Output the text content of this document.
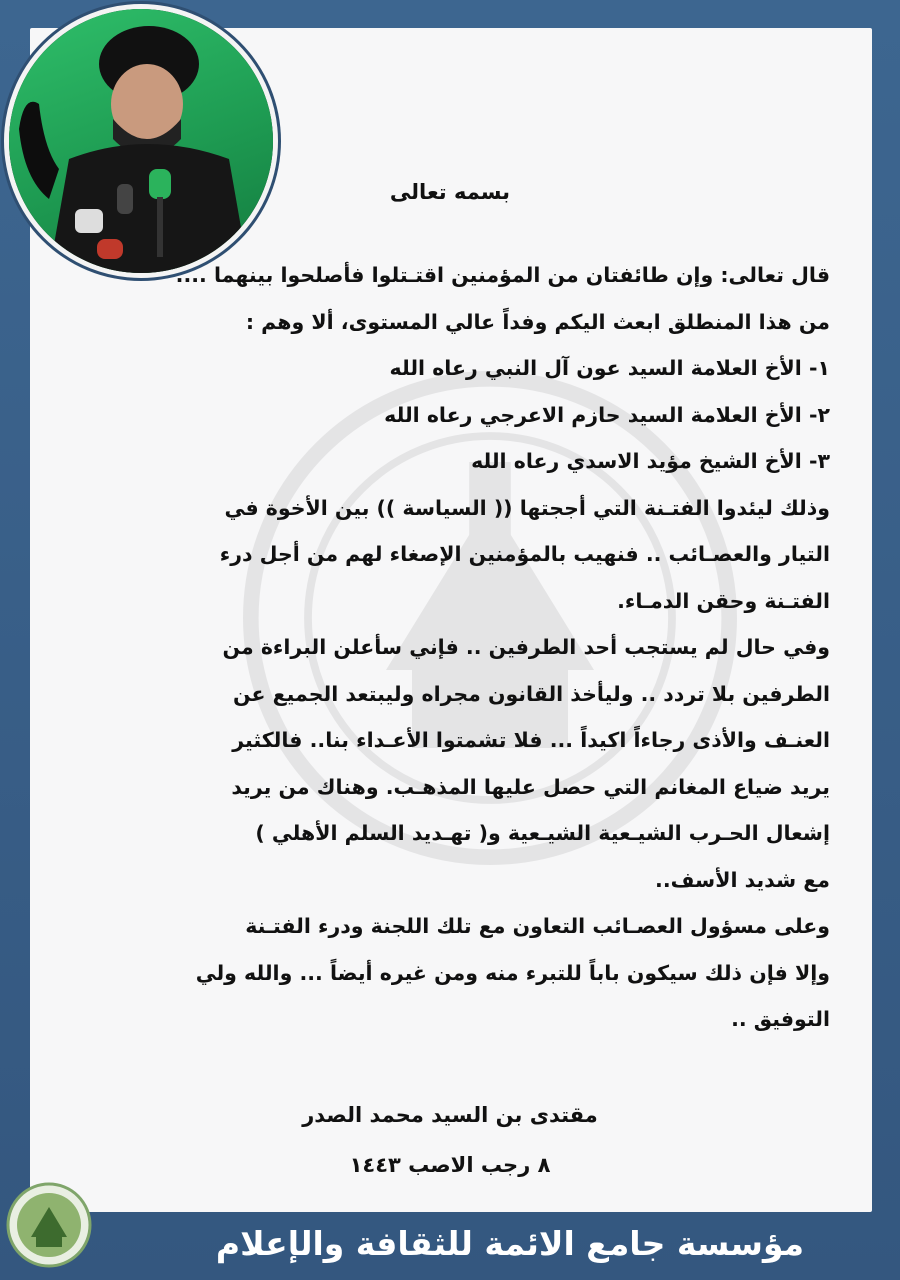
بسمه تعالى
قال تعالى: وإن طائفتان من المؤمنين اقتـتلوا فأصلحوا بينهما ....
من هذا المنطلق ابعث اليكم وفداً عالي المستوى، ألا وهم :
١- الأخ العلامة السيد عون آل النبي رعاه الله
٢- الأخ العلامة السيد حازم الاعرجي رعاه الله
٣- الأخ الشيخ مؤيد الاسدي رعاه الله
وذلك ليئدوا الفتـنة التي أججتها (( السياسة )) بين الأخوة في
التيار والعصـائب .. فنهيب بالمؤمنين الإصغاء لهم من أجل درء
الفتـنة وحقن الدمـاء.
وفي حال لم يستجب أحد الطرفين .. فإني سأعلن البراءة من
الطرفين بلا تردد .. وليأخذ القانون مجراه وليبتعد الجميع عن
العنـف والأذى رجاءاً اكيداً ... فلا تشمتوا الأعـداء بنا.. فالكثير
يريد ضياع المغانم التي حصل عليها المذهـب. وهناك من يريد
إشعال الحـرب الشيـعية الشيـعية و( تهـديد السلم الأهلي )
مع شديد الأسف..
وعلى مسؤول العصـائب التعاون مع تلك اللجنة ودرء الفتـنة
وإلا فإن ذلك سيكون باباً للتبرء منه ومن غيره أيضاً ... والله ولي
التوفيق ..
مقتدى بن السيد محمد الصدر
٨ رجب الاصب ١٤٤٣
مؤسسة جامع الائمة للثقافة والإعلام
